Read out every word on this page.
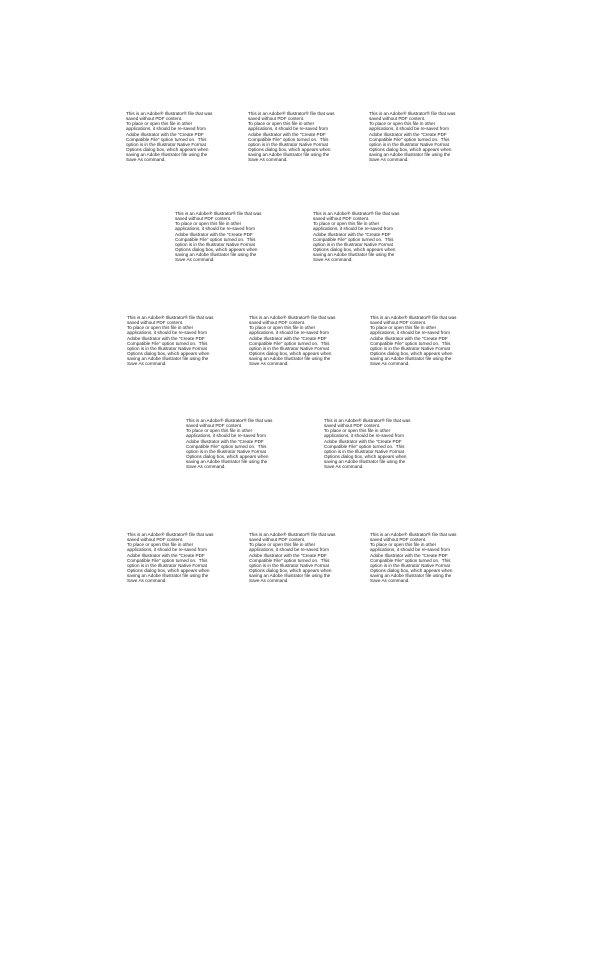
This is an Adobe® Illustrator® file that was
saved without PDF content.
To place or open this file in other
applications, it should be re-saved from
Adobe Illustrator with the "Create PDF
Compatible File" option turned on.  This
option is in the Illustrator Native Format
Options dialog box, which appears when
saving an Adobe Illustrator file using the
Save As command.
This is an Adobe® Illustrator® file that was
saved without PDF content.
To place or open this file in other
applications, it should be re-saved from
Adobe Illustrator with the "Create PDF
Compatible File" option turned on.  This
option is in the Illustrator Native Format
Options dialog box, which appears when
saving an Adobe Illustrator file using the
Save As command.
This is an Adobe® Illustrator® file that was
saved without PDF content.
To place or open this file in other
applications, it should be re-saved from
Adobe Illustrator with the "Create PDF
Compatible File" option turned on.  This
option is in the Illustrator Native Format
Options dialog box, which appears when
saving an Adobe Illustrator file using the
Save As command.
This is an Adobe® Illustrator® file that was
saved without PDF content.
To place or open this file in other
applications, it should be re-saved from
Adobe Illustrator with the "Create PDF
Compatible File" option turned on.  This
option is in the Illustrator Native Format
Options dialog box, which appears when
saving an Adobe Illustrator file using the
Save As command.
This is an Adobe® Illustrator® file that was
saved without PDF content.
To place or open this file in other
applications, it should be re-saved from
Adobe Illustrator with the "Create PDF
Compatible File" option turned on.  This
option is in the Illustrator Native Format
Options dialog box, which appears when
saving an Adobe Illustrator file using the
Save As command.
This is an Adobe® Illustrator® file that was
saved without PDF content.
To place or open this file in other
applications, it should be re-saved from
Adobe Illustrator with the "Create PDF
Compatible File" option turned on.  This
option is in the Illustrator Native Format
Options dialog box, which appears when
saving an Adobe Illustrator file using the
Save As command.
This is an Adobe® Illustrator® file that was
saved without PDF content.
To place or open this file in other
applications, it should be re-saved from
Adobe Illustrator with the "Create PDF
Compatible File" option turned on.  This
option is in the Illustrator Native Format
Options dialog box, which appears when
saving an Adobe Illustrator file using the
Save As command.
This is an Adobe® Illustrator® file that was
saved without PDF content.
To place or open this file in other
applications, it should be re-saved from
Adobe Illustrator with the "Create PDF
Compatible File" option turned on.  This
option is in the Illustrator Native Format
Options dialog box, which appears when
saving an Adobe Illustrator file using the
Save As command.
This is an Adobe® Illustrator® file that was
saved without PDF content.
To place or open this file in other
applications, it should be re-saved from
Adobe Illustrator with the "Create PDF
Compatible File" option turned on.  This
option is in the Illustrator Native Format
Options dialog box, which appears when
saving an Adobe Illustrator file using the
Save As command.
This is an Adobe® Illustrator® file that was
saved without PDF content.
To place or open this file in other
applications, it should be re-saved from
Adobe Illustrator with the "Create PDF
Compatible File" option turned on.  This
option is in the Illustrator Native Format
Options dialog box, which appears when
saving an Adobe Illustrator file using the
Save As command.
This is an Adobe® Illustrator® file that was
saved without PDF content.
To place or open this file in other
applications, it should be re-saved from
Adobe Illustrator with the "Create PDF
Compatible File" option turned on.  This
option is in the Illustrator Native Format
Options dialog box, which appears when
saving an Adobe Illustrator file using the
Save As command.
This is an Adobe® Illustrator® file that was
saved without PDF content.
To place or open this file in other
applications, it should be re-saved from
Adobe Illustrator with the "Create PDF
Compatible File" option turned on.  This
option is in the Illustrator Native Format
Options dialog box, which appears when
saving an Adobe Illustrator file using the
Save As command.
This is an Adobe® Illustrator® file that was
saved without PDF content.
To place or open this file in other
applications, it should be re-saved from
Adobe Illustrator with the "Create PDF
Compatible File" option turned on.  This
option is in the Illustrator Native Format
Options dialog box, which appears when
saving an Adobe Illustrator file using the
Save As command.
